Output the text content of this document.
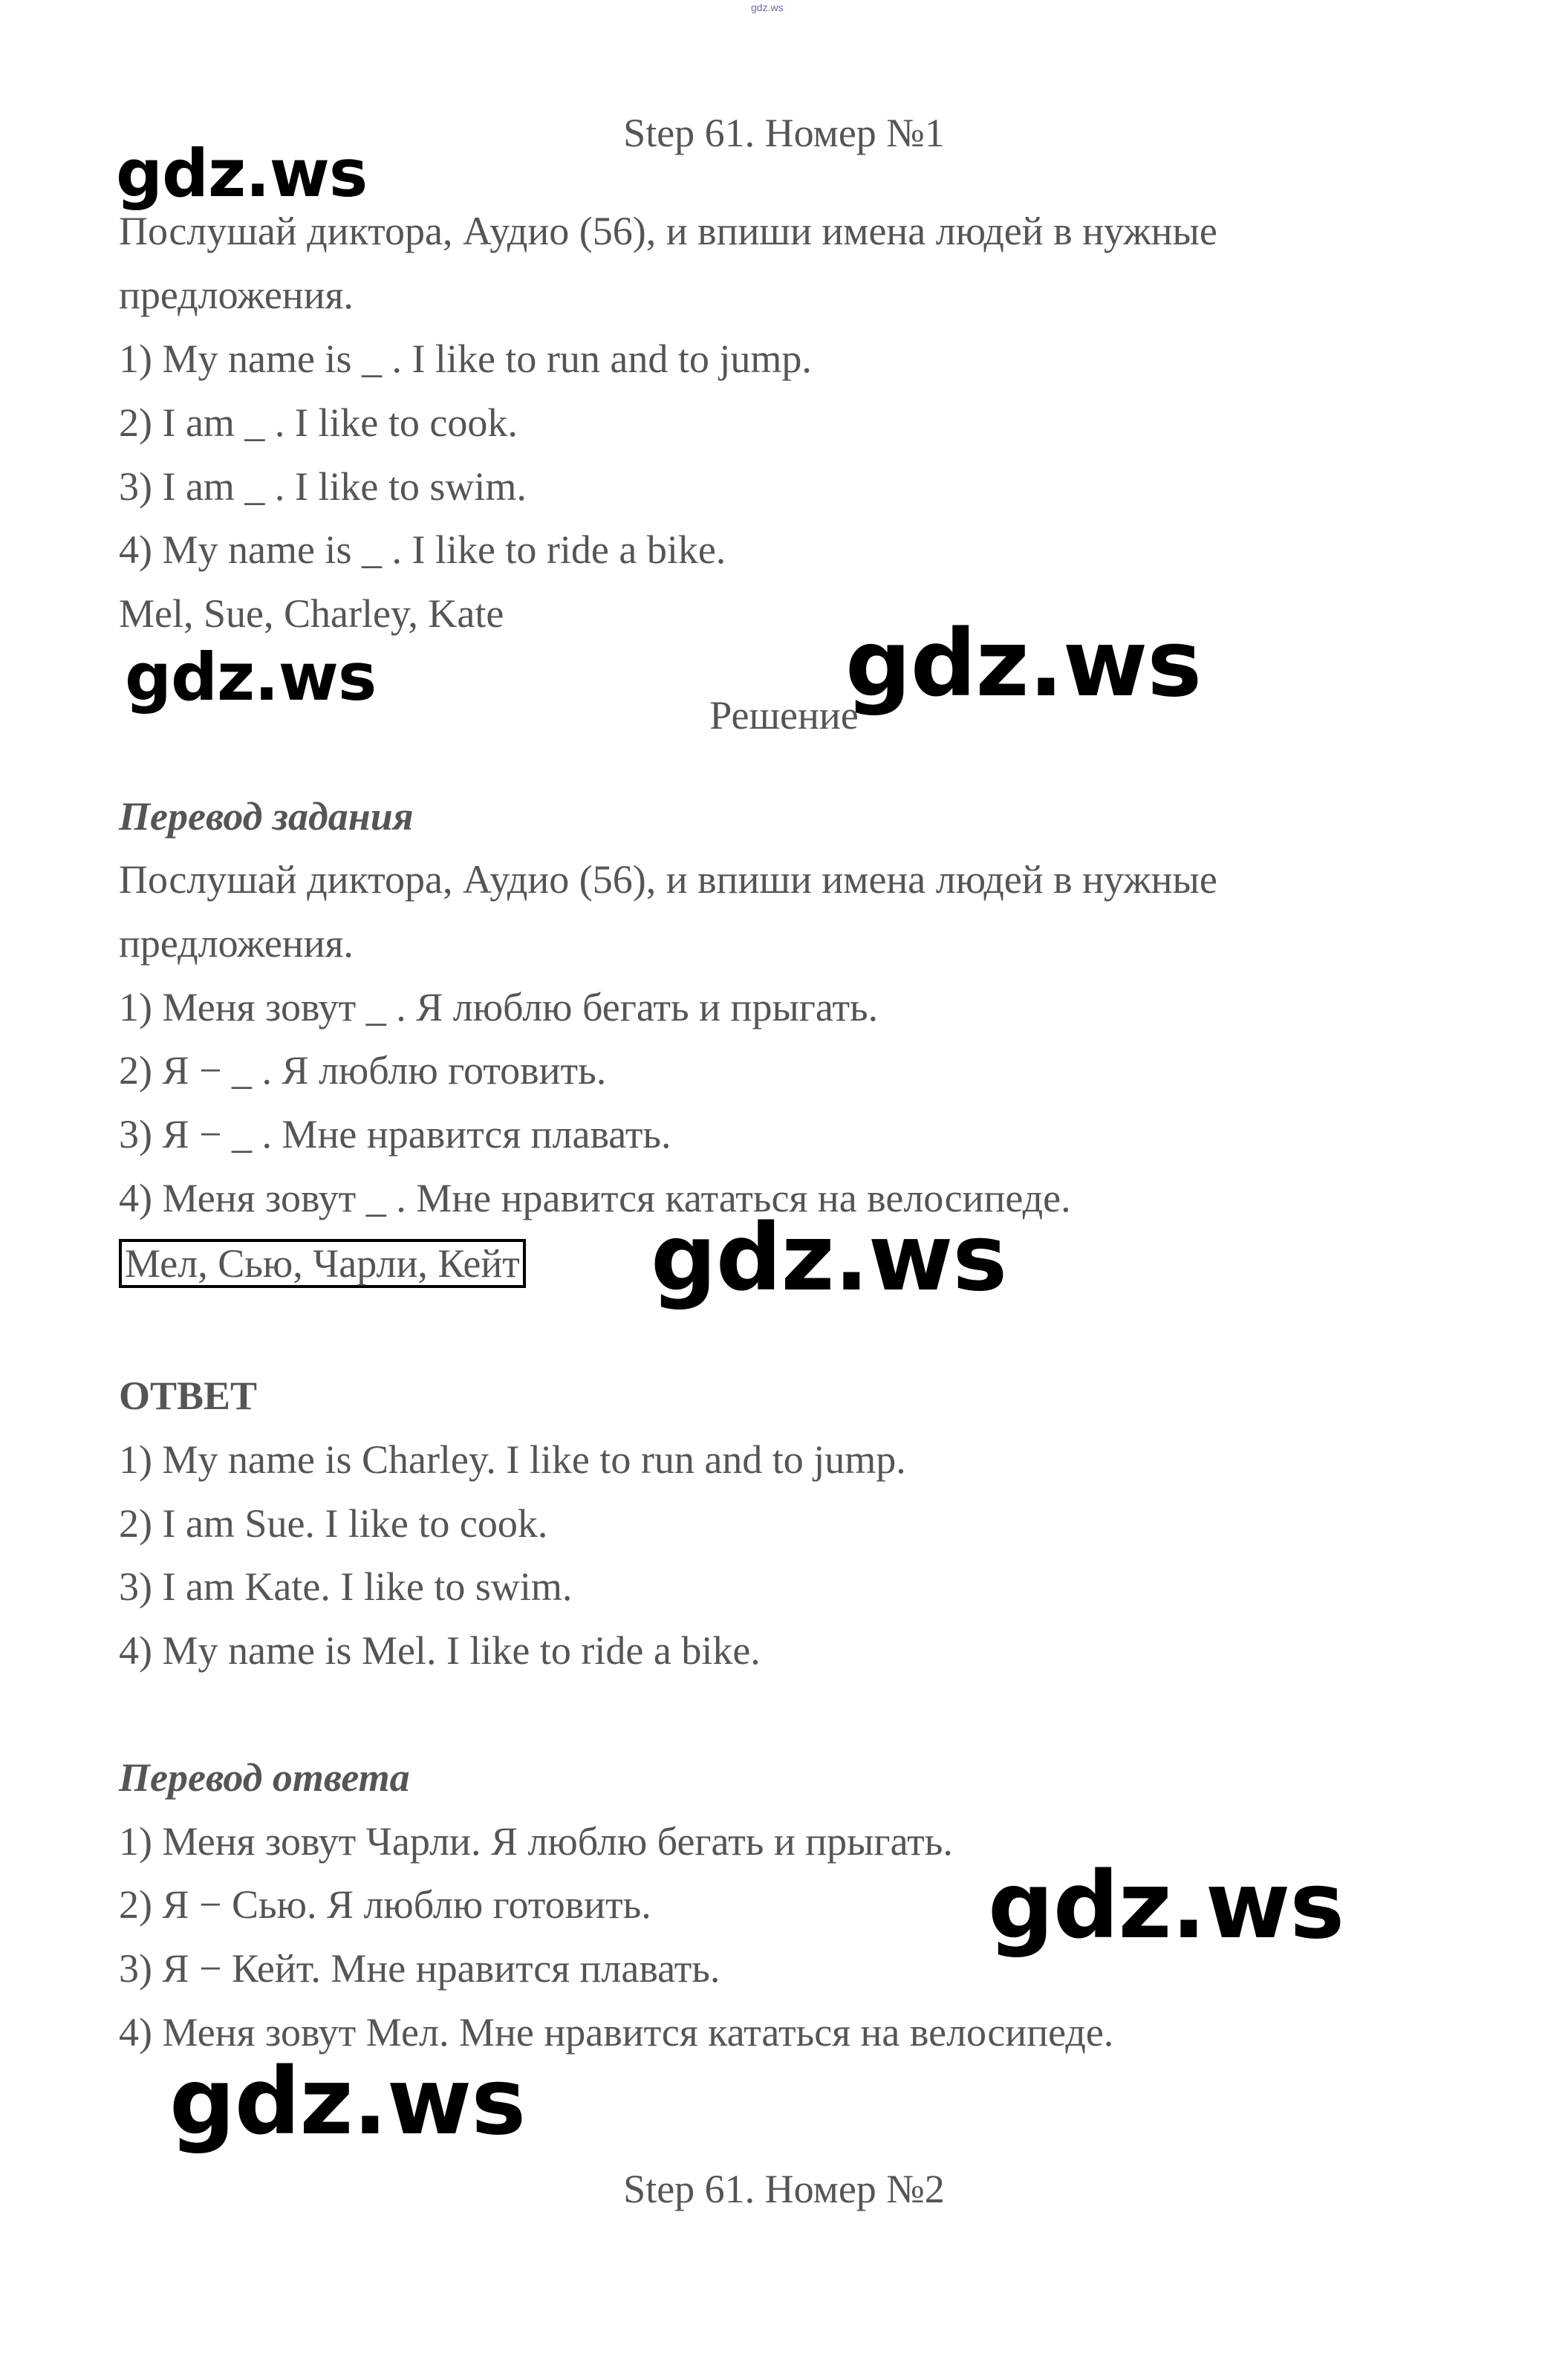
gdz.ws
Step 61. Номер №1
Послушай диктора, Аудио (56), и впиши имена людей в нужные
предложения.
1) My name is _ . I like to run and to jump.
2) I am _ . I like to cook.
3) I am _ . I like to swim.
4) My name is _ . I like to ride a bike.
Mel, Sue, Charley, Kate
Решение
Перевод задания
Послушай диктора, Аудио (56), и впиши имена людей в нужные
предложения.
1) Меня зовут _ . Я люблю бегать и прыгать.
2) Я − _ . Я люблю готовить.
3) Я − _ . Мне нравится плавать.
4) Меня зовут _ . Мне нравится кататься на велосипеде.
Мел, Сью, Чарли, Кейт
ОТВЕТ
1) My name is Charley. I like to run and to jump.
2) I am Sue. I like to cook.
3) I am Kate. I like to swim.
4) My name is Mel. I like to ride a bike.
Перевод ответа
1) Меня зовут Чарли. Я люблю бегать и прыгать.
2) Я − Сью. Я люблю готовить.
3) Я − Кейт. Мне нравится плавать.
4) Меня зовут Мел. Мне нравится кататься на велосипеде.
Step 61. Номер №2
gdz.ws
gdz.ws	gdz.ws
gdz.ws
gdz.ws
gdz.ws
